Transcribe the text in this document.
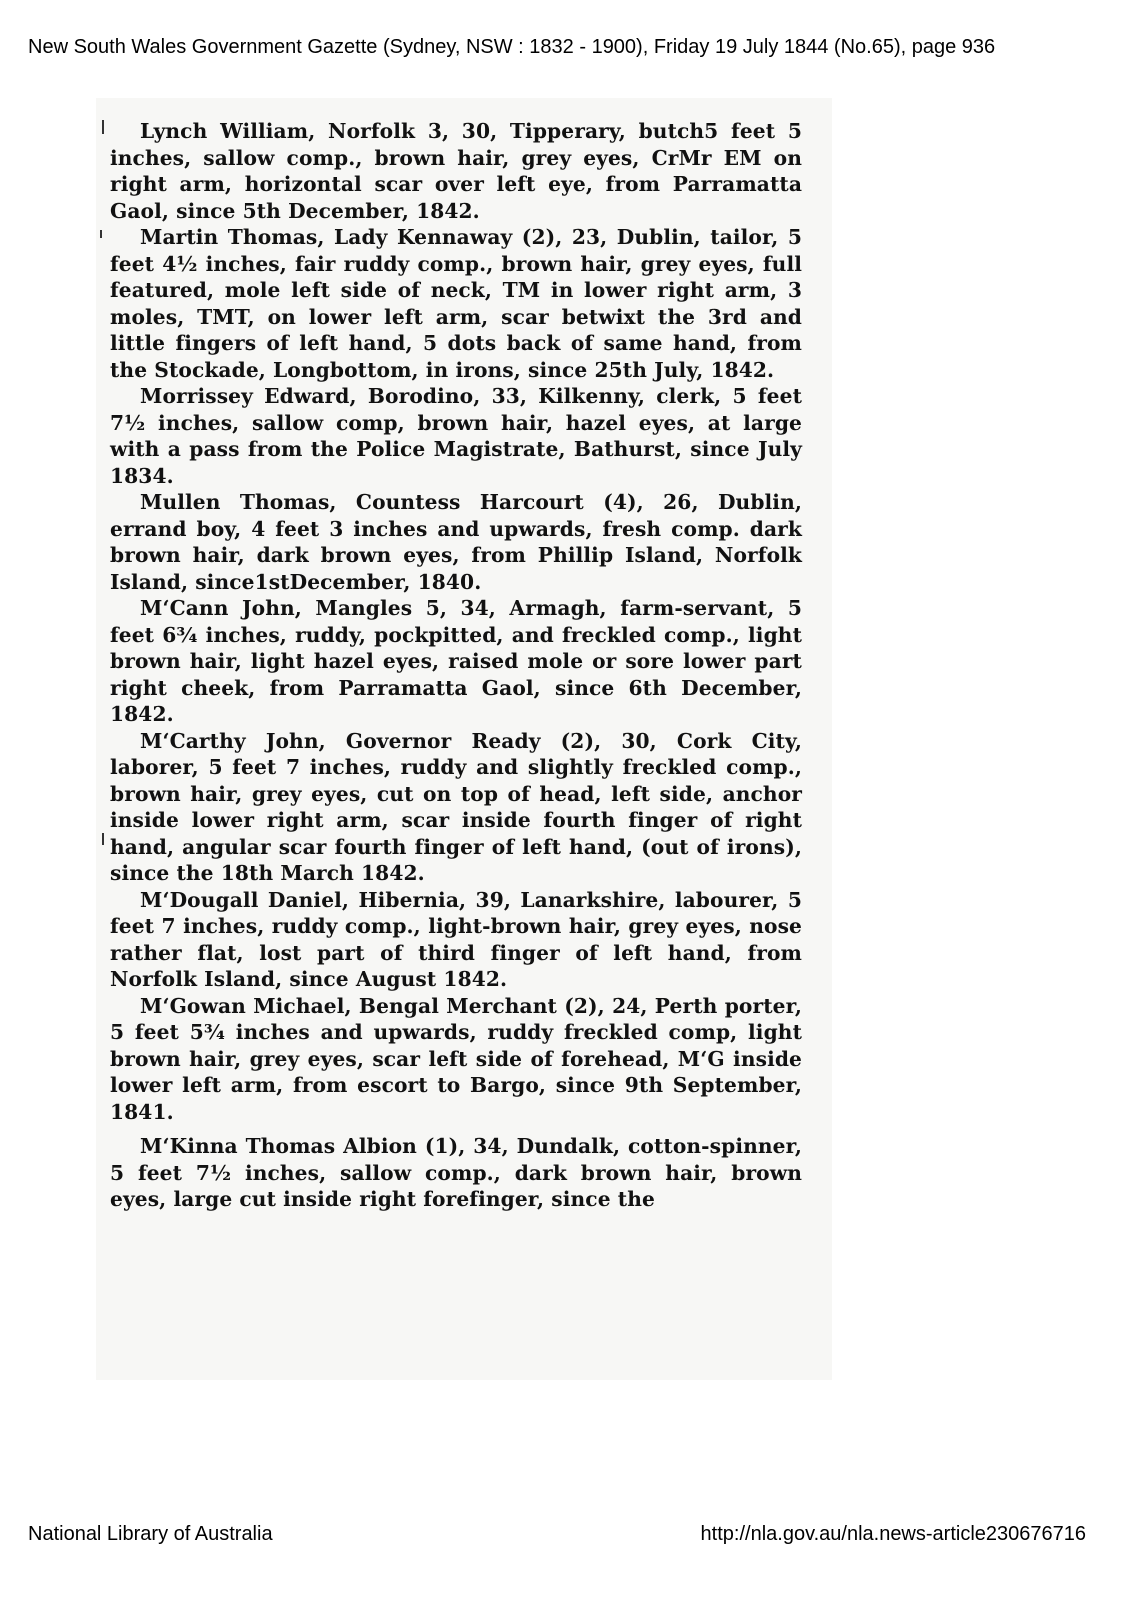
New South Wales Government Gazette (Sydney, NSW : 1832 - 1900), Friday 19 July 1844 (No.65), page 936

Lynch William, Norfolk 3, 30, Tipperary, butch5 feet 5 inches, sallow comp., brown hair, grey eyes, CrMr EM on right arm, horizontal scar over left eye, from Parramatta Gaol, since 5th December, 1842.

Martin Thomas, Lady Kennaway (2), 23, Dublin, tailor, 5 feet 4½ inches, fair ruddy comp., brown hair, grey eyes, full featured, mole left side of neck, TM in lower right arm, 3 moles, TMT, on lower left arm, scar betwixt the 3rd and little fingers of left hand, 5 dots back of same hand, from the Stockade, Longbottom, in irons, since 25th July, 1842.

Morrissey Edward, Borodino, 33, Kilkenny, clerk, 5 feet 7½ inches, sallow comp, brown hair, hazel eyes, at large with a pass from the Police Magistrate, Bathurst, since July 1834.

Mullen Thomas, Countess Harcourt (4), 26, Dublin, errand boy, 4 feet 3 inches and upwards, fresh comp. dark brown hair, dark brown eyes, from Phillip Island, Norfolk Island, since1stDecember, 1840.

M‘Cann John, Mangles 5, 34, Armagh, farm-servant, 5 feet 6¾ inches, ruddy, pockpitted, and freckled comp., light brown hair, light hazel eyes, raised mole or sore lower part right cheek, from Parramatta Gaol, since 6th December, 1842.

M‘Carthy John, Governor Ready (2), 30, Cork City, laborer, 5 feet 7 inches, ruddy and slightly freckled comp., brown hair, grey eyes, cut on top of head, left side, anchor inside lower right arm, scar inside fourth finger of right hand, angular scar fourth finger of left hand, (out of irons), since the 18th March 1842.

M‘Dougall Daniel, Hibernia, 39, Lanarkshire, labourer, 5 feet 7 inches, ruddy comp., light-brown hair, grey eyes, nose rather flat, lost part of third finger of left hand, from Norfolk Island, since August 1842.

M‘Gowan Michael, Bengal Merchant (2), 24, Perth porter, 5 feet 5¾ inches and upwards, ruddy freckled comp, light brown hair, grey eyes, scar left side of forehead, M‘G inside lower left arm, from escort to Bargo, since 9th September, 1841.

M‘Kinna Thomas Albion (1), 34, Dundalk, cotton-spinner, 5 feet 7½ inches, sallow comp., dark brown hair, brown eyes, large cut inside right forefinger, since the

National Library of Australia	http://nla.gov.au/nla.news-article230676716
